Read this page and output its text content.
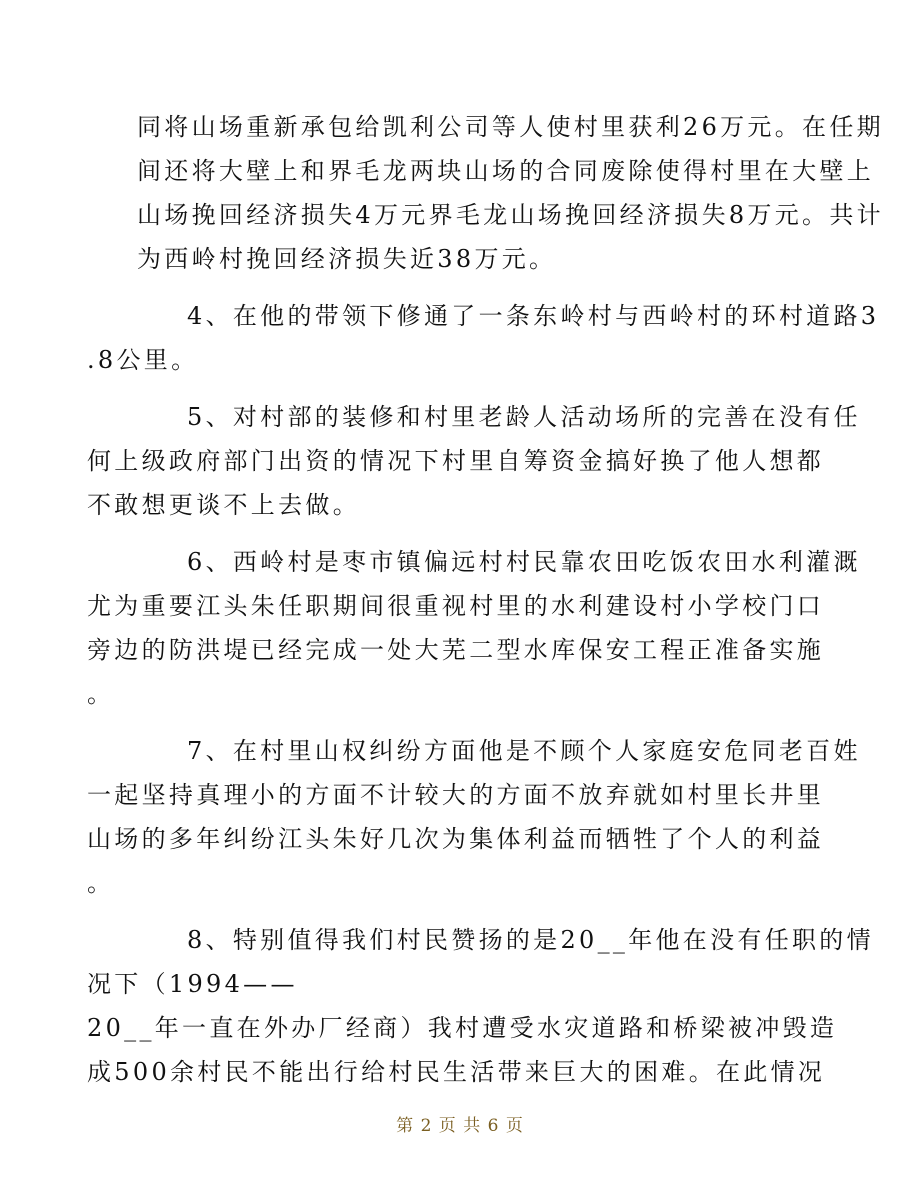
同将山场重新承包给凯利公司等人使村里获利26万元。在任期
间还将大壁上和界毛龙两块山场的合同废除使得村里在大壁上
山场挽回经济损失4万元界毛龙山场挽回经济损失8万元。共计
为西岭村挽回经济损失近38万元。

4、在他的带领下修通了一条东岭村与西岭村的环村道路3
.8公里。

5、对村部的装修和村里老龄人活动场所的完善在没有任
何上级政府部门出资的情况下村里自筹资金搞好换了他人想都
不敢想更谈不上去做。

6、西岭村是枣市镇偏远村村民靠农田吃饭农田水利灌溉
尤为重要江头朱任职期间很重视村里的水利建设村小学校门口
旁边的防洪堤已经完成一处大芜二型水库保安工程正准备实施
。

7、在村里山权纠纷方面他是不顾个人家庭安危同老百姓
一起坚持真理小的方面不计较大的方面不放弃就如村里长井里
山场的多年纠纷江头朱好几次为集体利益而牺牲了个人的利益
。

8、特别值得我们村民赞扬的是20__年他在没有任职的情
况下（1994——
20__年一直在外办厂经商）我村遭受水灾道路和桥梁被冲毁造
成500余村民不能出行给村民生活带来巨大的困难。在此情况

第 2 页 共 6 页
